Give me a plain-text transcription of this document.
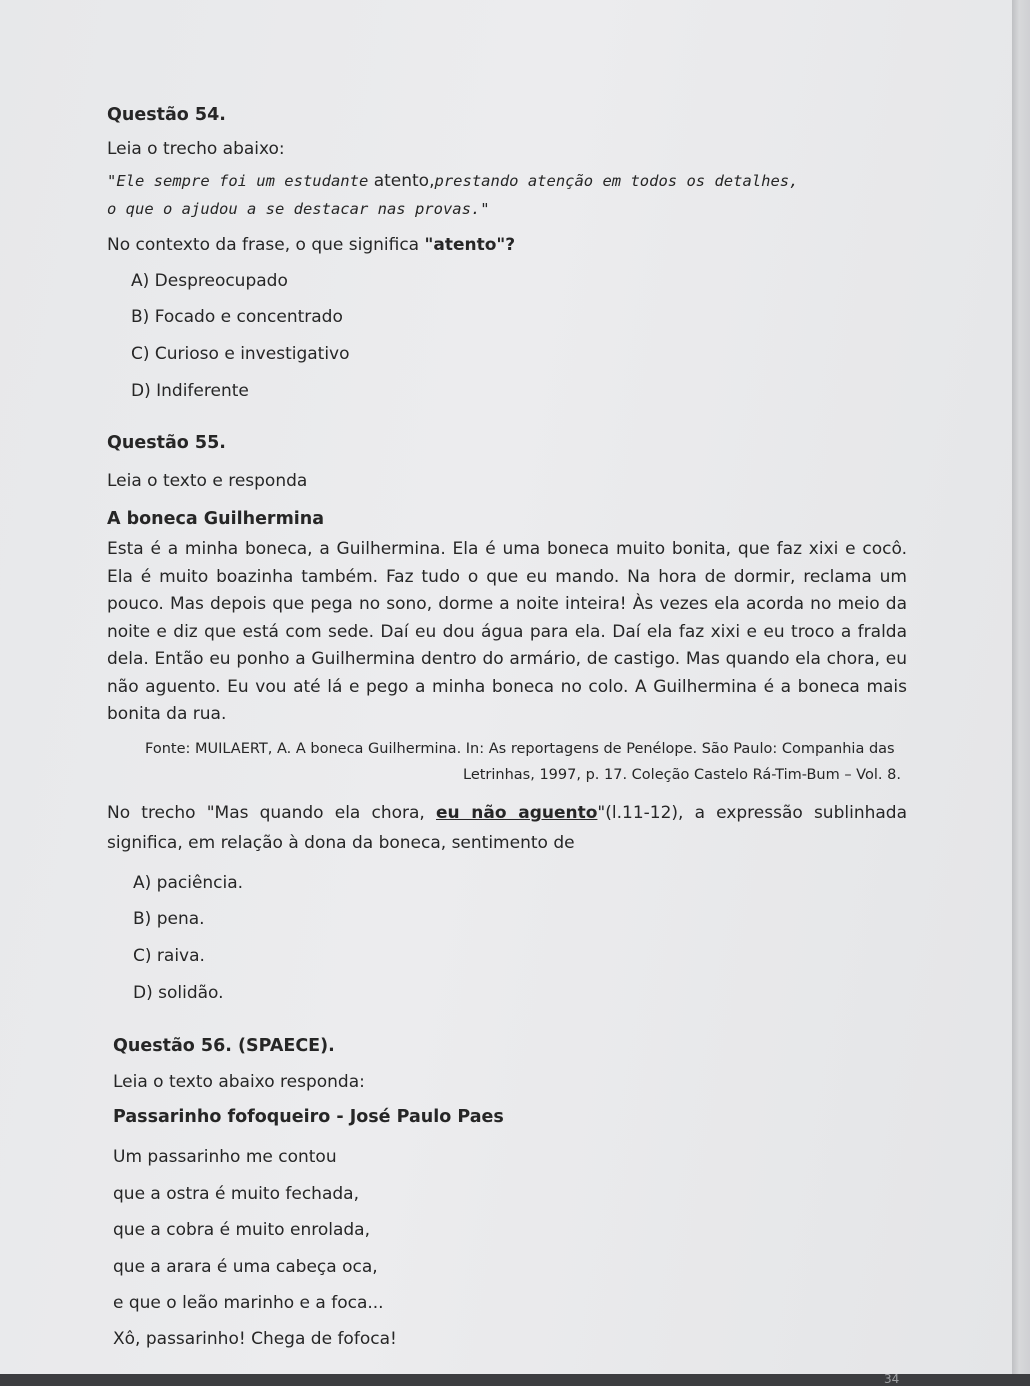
Questão 54.
Leia o trecho abaixo:
"Ele sempre foi um estudante atento,prestando atenção em todos os detalhes,
o que o ajudou a se destacar nas provas."
No contexto da frase, o que significa "atento"?
A) Despreocupado
B) Focado e concentrado
C) Curioso e investigativo
D) Indiferente
Questão 55.
Leia o texto e responda
A boneca Guilhermina
Esta é a minha boneca, a Guilhermina. Ela é uma boneca muito bonita, que faz xixi e cocô. Ela é muito boazinha também. Faz tudo o que eu mando. Na hora de dormir, reclama um pouco. Mas depois que pega no sono, dorme a noite inteira! Às vezes ela acorda no meio da noite e diz que está com sede. Daí eu dou água para ela. Daí ela faz xixi e eu troco a fralda dela. Então eu ponho a Guilhermina dentro do armário, de castigo. Mas quando ela chora, eu não aguento. Eu vou até lá e pego a minha boneca no colo. A Guilhermina é a boneca mais bonita da rua.
Fonte: MUILAERT, A. A boneca Guilhermina. In: As reportagens de Penélope. São Paulo: Companhia das
Letrinhas, 1997, p. 17. Coleção Castelo Rá-Tim-Bum – Vol. 8.
No trecho "Mas quando ela chora, eu não aguento"(l.11-12), a expressão sublinhada significa, em relação à dona da boneca, sentimento de
A) paciência.
B) pena.
C) raiva.
D) solidão.
Questão 56. (SPAECE).
Leia o texto abaixo responda:
Passarinho fofoqueiro - José Paulo Paes
Um passarinho me contou
que a ostra é muito fechada,
que a cobra é muito enrolada,
que a arara é uma cabeça oca,
e que o leão marinho e a foca...
Xô, passarinho! Chega de fofoca!
34
